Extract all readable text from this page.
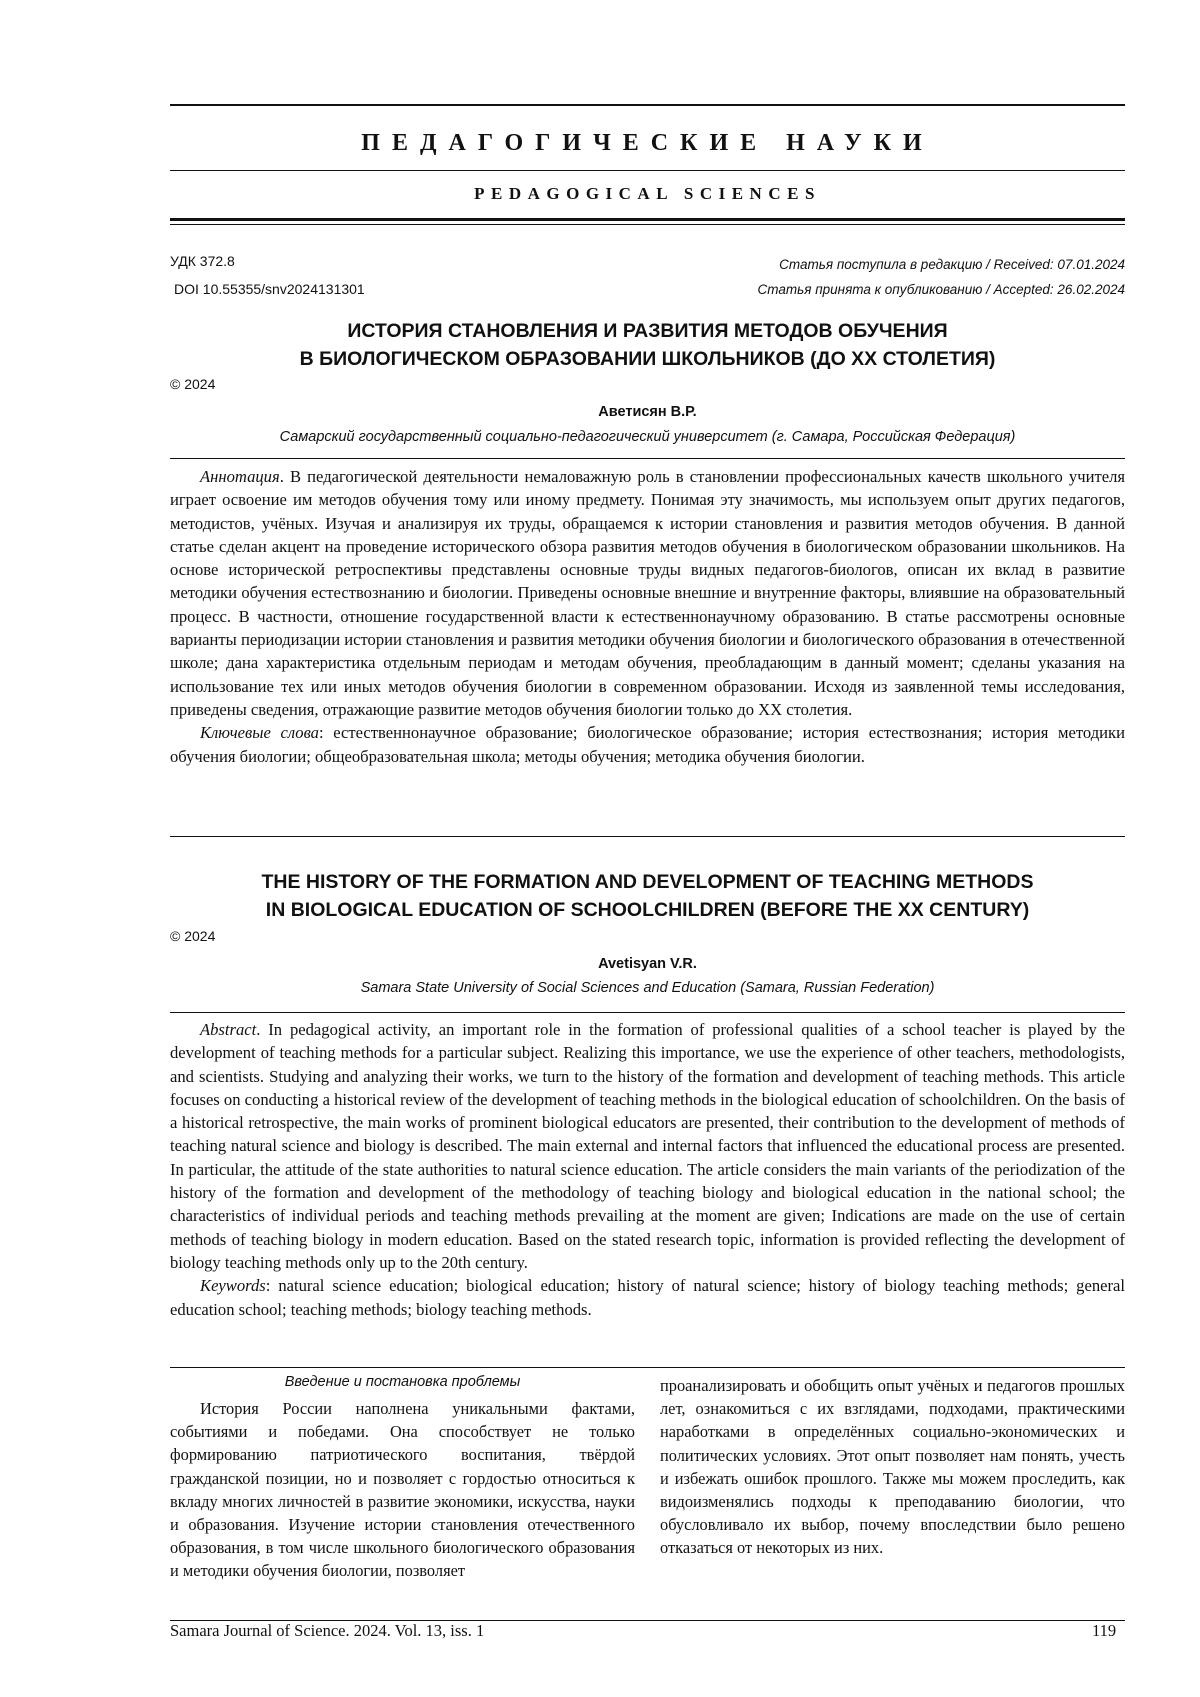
ПЕДАГОГИЧЕСКИЕ НАУКИ
PEDAGOGICAL SCIENCES
УДК 372.8
DOI 10.55355/snv2024131301
Статья поступила в редакцию / Received: 07.01.2024
Статья принята к опубликованию / Accepted: 26.02.2024
ИСТОРИЯ СТАНОВЛЕНИЯ И РАЗВИТИЯ МЕТОДОВ ОБУЧЕНИЯ
В БИОЛОГИЧЕСКОМ ОБРАЗОВАНИИ ШКОЛЬНИКОВ (ДО XX СТОЛЕТИЯ)
© 2024
Аветисян В.Р.
Самарский государственный социально-педагогический университет (г. Самара, Российская Федерация)

Аннотация. В педагогической деятельности немаловажную роль в становлении профессиональных качеств школьного учителя играет освоение им методов обучения тому или иному предмету. Понимая эту значимость, мы используем опыт других педагогов, методистов, учёных. Изучая и анализируя их труды, обращаемся к истории становления и развития методов обучения. В данной статье сделан акцент на проведение исторического обзора развития методов обучения в биологическом образовании школьников. На основе исторической ретроспективы представлены основные труды видных педагогов-биологов, описан их вклад в развитие методики обучения естествознанию и биологии. Приведены основные внешние и внутренние факторы, влиявшие на образовательный процесс. В частности, отношение государственной власти к естественнонаучному образованию. В статье рассмотрены основные варианты периодизации истории становления и развития методики обучения биологии и биологического образования в отечественной школе; дана характеристика отдельным периодам и методам обучения, преобладающим в данный момент; сделаны указания на использование тех или иных методов обучения биологии в современном образовании. Исходя из заявленной темы исследования, приведены сведения, отражающие развитие методов обучения биологии только до XX столетия.

Ключевые слова: естественнонаучное образование; биологическое образование; история естествознания; история методики обучения биологии; общеобразовательная школа; методы обучения; методика обучения биологии.

THE HISTORY OF THE FORMATION AND DEVELOPMENT OF TEACHING METHODS
IN BIOLOGICAL EDUCATION OF SCHOOLCHILDREN (BEFORE THE XX CENTURY)
© 2024
Avetisyan V.R.
Samara State University of Social Sciences and Education (Samara, Russian Federation)

Abstract. In pedagogical activity, an important role in the formation of professional qualities of a school teacher is played by the development of teaching methods for a particular subject. Realizing this importance, we use the experience of other teachers, methodologists, and scientists. Studying and analyzing their works, we turn to the history of the formation and development of teaching methods. This article focuses on conducting a historical review of the development of teaching methods in the biological education of schoolchildren. On the basis of a historical retrospective, the main works of prominent biological educators are presented, their contribution to the development of methods of teaching natural science and biology is described. The main external and internal factors that influenced the educational process are presented. In particular, the attitude of the state authorities to natural science education. The article considers the main variants of the periodization of the history of the formation and development of the methodology of teaching biology and biological education in the national school; the characteristics of individual periods and teaching methods prevailing at the moment are given; Indications are made on the use of certain methods of teaching biology in modern education. Based on the stated research topic, information is provided reflecting the development of biology teaching methods only up to the 20th century.

Keywords: natural science education; biological education; history of natural science; history of biology teaching methods; general education school; teaching methods; biology teaching methods.

Введение и постановка проблемы

История России наполнена уникальными фактами, событиями и победами. Она способствует не только формированию патриотического воспитания, твёрдой гражданской позиции, но и позволяет с гордостью относиться к вкладу многих личностей в развитие экономики, искусства, науки и образования. Изучение истории становления отечественного образования, в том числе школьного биологического образования и методики обучения биологии, позволяет

проанализировать и обобщить опыт учёных и педагогов прошлых лет, ознакомиться с их взглядами, подходами, практическими наработками в определённых социально-экономических и политических условиях. Этот опыт позволяет нам понять, учесть и избежать ошибок прошлого. Также мы можем проследить, как видоизменялись подходы к преподаванию биологии, что обусловливало их выбор, почему впоследствии было решено отказаться от некоторых из них.

Samara Journal of Science. 2024. Vol. 13, iss. 1	119
